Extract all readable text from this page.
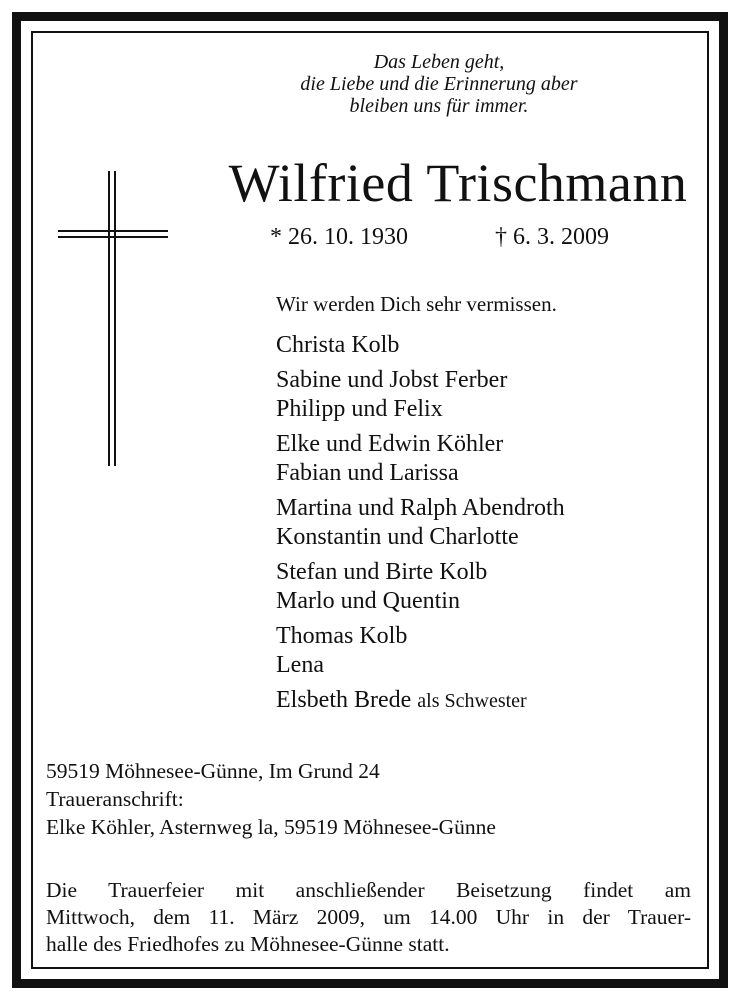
Das Leben geht,
die Liebe und die Erinnerung aber
bleiben uns für immer.
Wilfried Trischmann
* 26. 10. 1930	† 6. 3. 2009
Wir werden Dich sehr vermissen.
Christa Kolb
Sabine und Jobst Ferber
Philipp und Felix
Elke und Edwin Köhler
Fabian und Larissa
Martina und Ralph Abendroth
Konstantin und Charlotte
Stefan und Birte Kolb
Marlo und Quentin
Thomas Kolb
Lena
Elsbeth Brede als Schwester
59519 Möhnesee-Günne, Im Grund 24
Traueranschrift:
Elke Köhler, Asternweg la, 59519 Möhnesee-Günne
Die Trauerfeier mit anschließender Beisetzung findet am
Mittwoch, dem 11. März 2009, um 14.00 Uhr in der Trauer-
halle des Friedhofes zu Möhnesee-Günne statt.
